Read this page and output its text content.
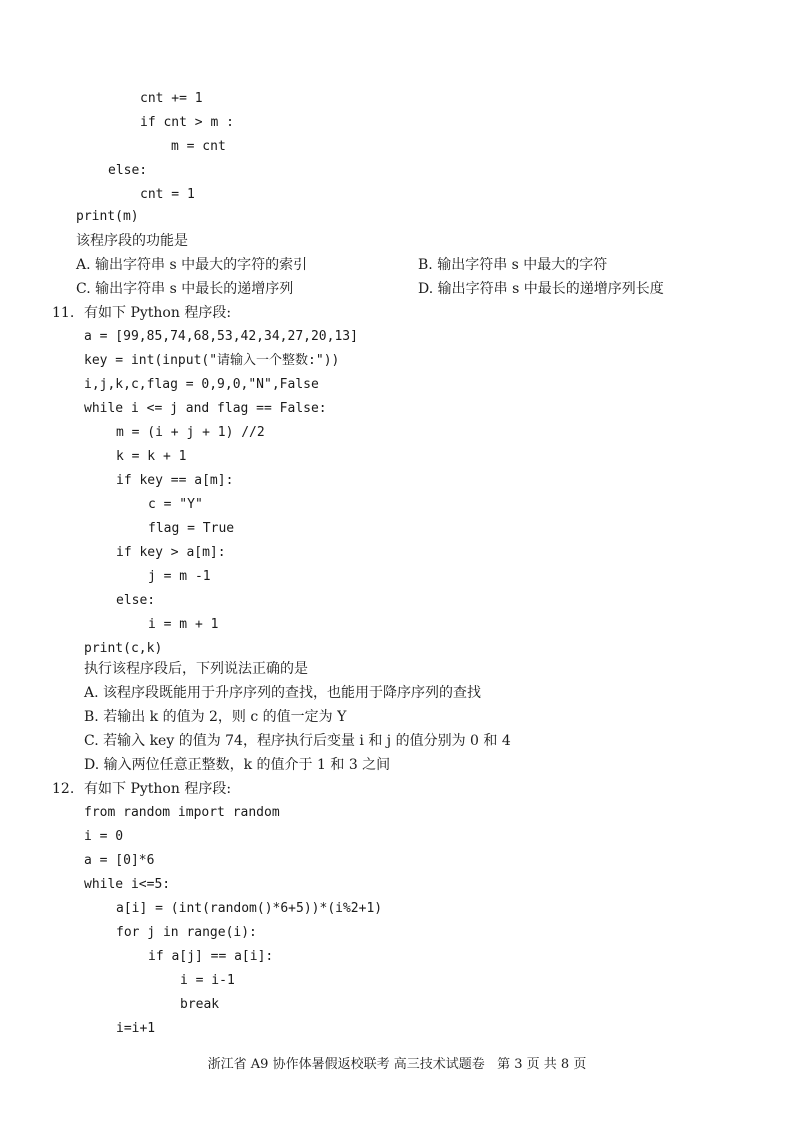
cnt += 1
if cnt > m :
m = cnt
else:
cnt = 1
print(m)
该程序段的功能是
A. 输出字符串 s 中最大的字符的索引	B. 输出字符串 s 中最大的字符
C. 输出字符串 s 中最长的递增序列	D. 输出字符串 s 中最长的递增序列长度
11. 有如下 Python 程序段:
a = [99,85,74,68,53,42,34,27,20,13]
key = int(input("请输入一个整数:"))
i,j,k,c,flag = 0,9,0,"N",False
while i <= j and flag == False:
m = (i + j + 1) //2
k = k + 1
if key == a[m]:
c = "Y"
flag = True
if key > a[m]:
j = m -1
else:
i = m + 1
print(c,k)
执行该程序段后，下列说法正确的是
A. 该程序段既能用于升序序列的查找，也能用于降序序列的查找
B. 若输出 k 的值为 2，则 c 的值一定为 Y
C. 若输入 key 的值为 74，程序执行后变量 i 和 j 的值分别为 0 和 4
D. 输入两位任意正整数，k 的值介于 1 和 3 之间
12. 有如下 Python 程序段:
from random import random
i = 0
a = [0]*6
while i<=5:
a[i] = (int(random()*6+5))*(i%2+1)
for j in range(i):
if a[j] == a[i]:
i = i-1
break
i=i+1
浙江省 A9 协作体暑假返校联考 高三技术试题卷   第 3 页 共 8 页
